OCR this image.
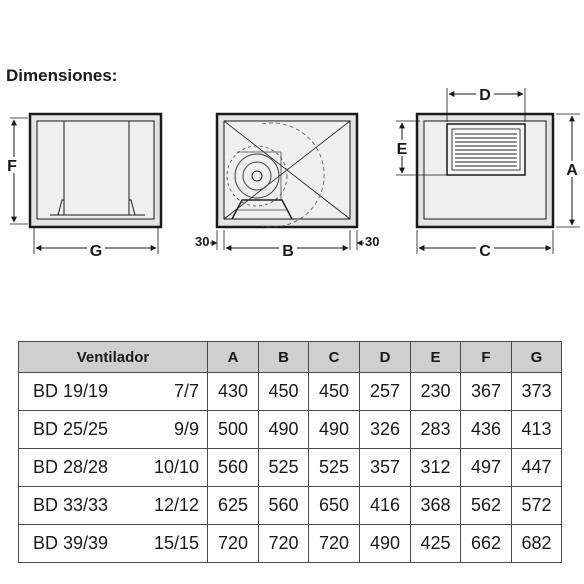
Dimensiones:
F
G
30	30
B
D
E
A
C
Ventilador		A	B	C	D	E	F	G
BD 19/19	7/7	430	450	450	257	230	367	373
BD 25/25	9/9	500	490	490	326	283	436	413
BD 28/28	10/10	560	525	525	357	312	497	447
BD 33/33	12/12	625	560	650	416	368	562	572
BD 39/39	15/15	720	720	720	490	425	662	682
